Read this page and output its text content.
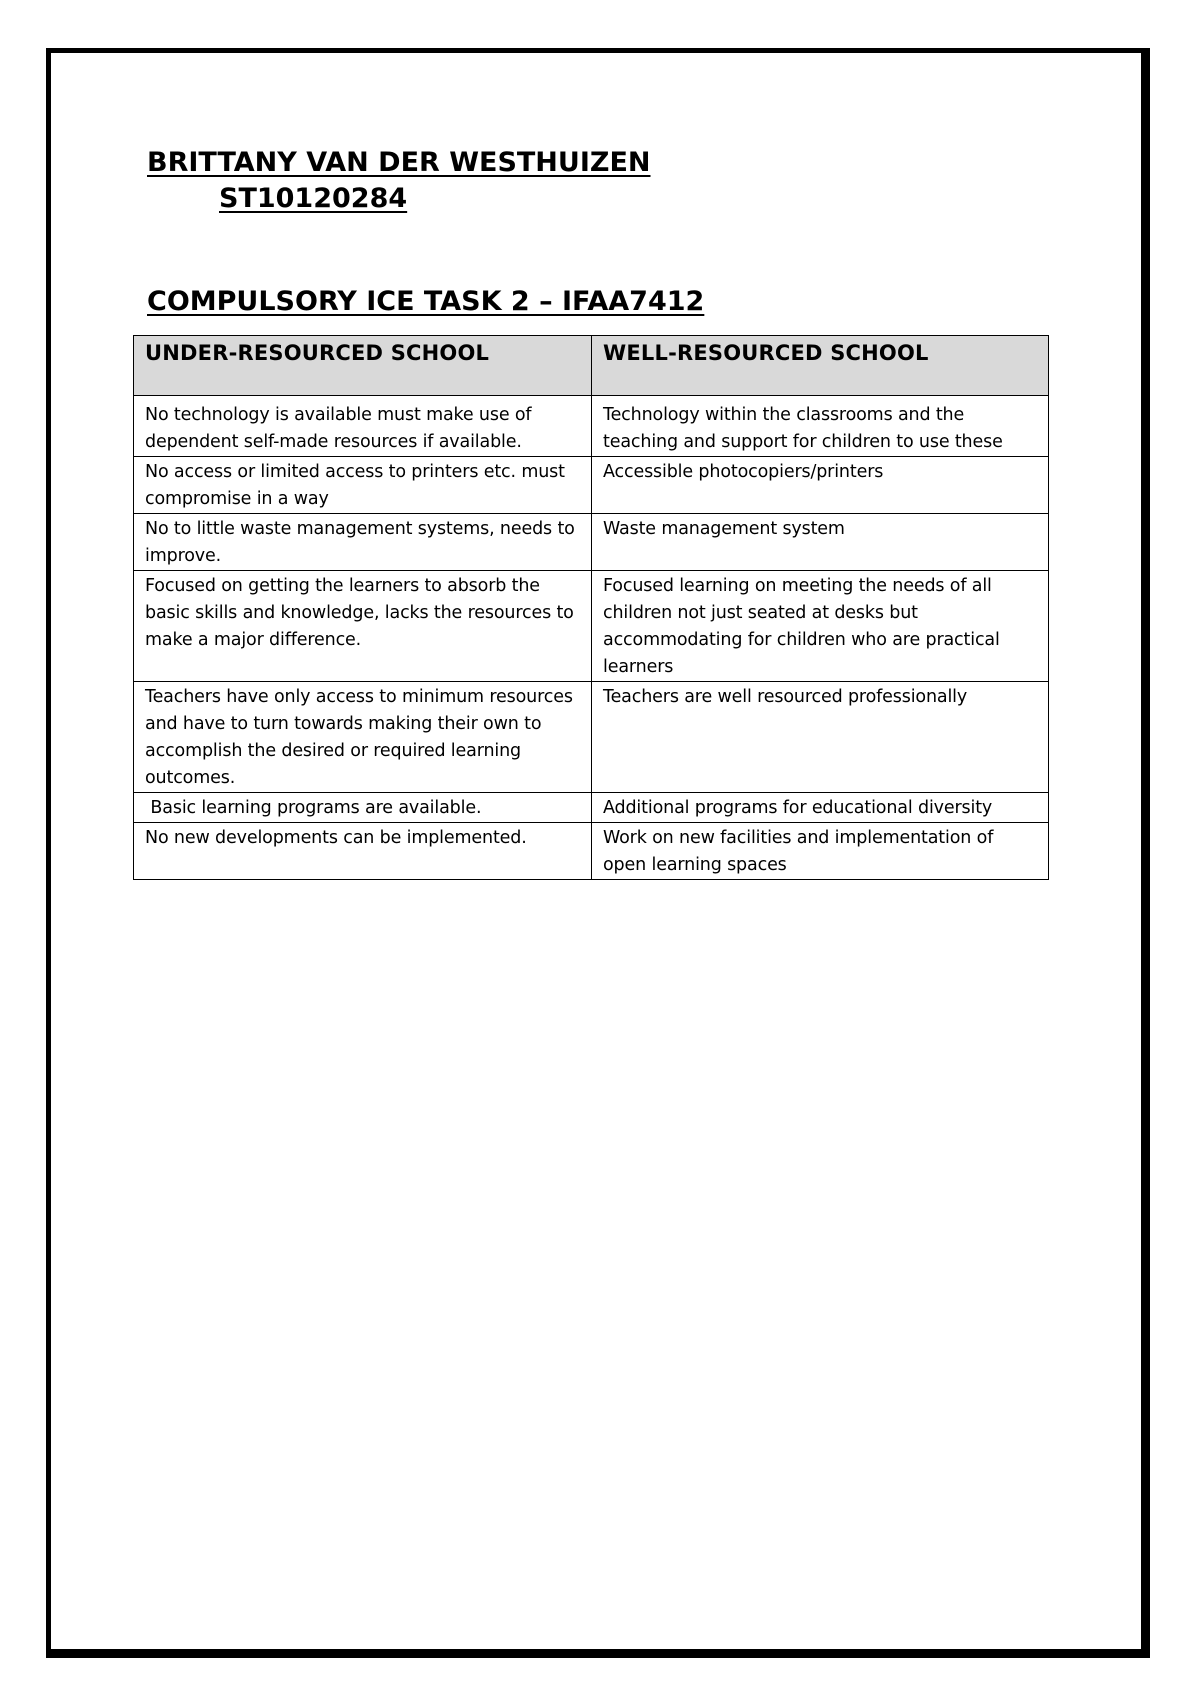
BRITTANY VAN DER WESTHUIZEN
ST10120284
COMPULSORY ICE TASK 2 – IFAA7412
UNDER-RESOURCED SCHOOL	WELL-RESOURCED SCHOOL
No technology is available must make use of dependent self-made resources if available.	Technology within the classrooms and the teaching and support for children to use these
No access or limited access to printers etc. must compromise in a way	Accessible photocopiers/printers
No to little waste management systems, needs to improve.	Waste management system
Focused on getting the learners to absorb the basic skills and knowledge, lacks the resources to make a major difference.	Focused learning on meeting the needs of all children not just seated at desks but accommodating for children who are practical learners
Teachers have only access to minimum resources and have to turn towards making their own to accomplish the desired or required learning outcomes.	Teachers are well resourced professionally
Basic learning programs are available.	Additional programs for educational diversity
No new developments can be implemented.	Work on new facilities and implementation of open learning spaces
